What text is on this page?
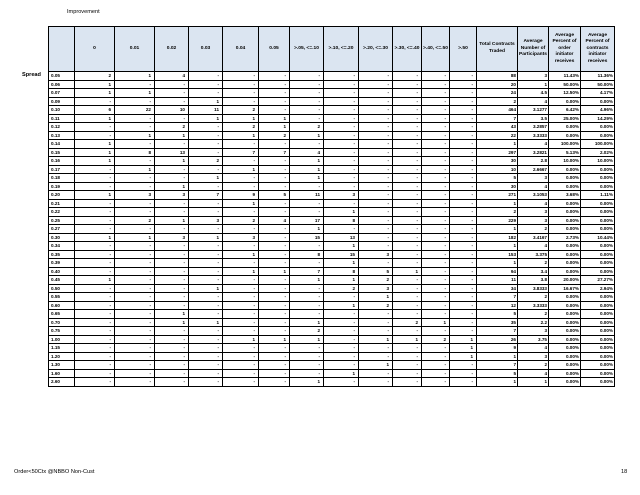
Improvement
Spread
	0	0.01	0.02	0.03	0.04	0.05	>.05, <=.10	>.10, <=.20	>.20, <=.30	>.30, <=.40	>.40, <=.50	>.50	Total Contracts Traded	Average Number of Participants	Average Percent of order initiator receives	Average Percent of contracts initiator receives
0.05	2	1	4	-	-	-	-	-	-	-	-	-	88	3	11.43%	11.36%
0.06	1	-	-	-	-	-	-	-	-	-	-	-	20	1	50.00%	50.00%
0.07	1	1	-	-	-	-	-	-	-	-	-	-	24	4.5	12.50%	4.17%
0.09	-	-	-	1	-	-	-	-	-	-	-	-	2	4	0.00%	0.00%
0.10	6	22	10	11	2	-	-	-	-	-	-	-	464	3.1277	6.42%	4.96%
0.11	1	-	-	1	1	1	-	-	-	-	-	-	7	3.5	25.00%	14.29%
0.12	-	-	2	-	2	1	2	-	-	-	-	-	43	3.2857	0.00%	0.00%
0.13	-	1	1	-	1	2	1	-	-	-	-	-	22	3.3333	0.00%	0.00%
0.14	1	-	-	-	-	-	-	-	-	-	-	-	1	4	100.00%	100.00%
0.15	1	8	13	-	7	7	4	-	-	-	-	-	297	3.2821	5.13%	2.02%
0.16	1	-	1	2	-	-	1	-	-	-	-	-	30	2.8	10.00%	10.00%
0.17	-	1	-	-	1	-	1	-	-	-	-	-	10	2.6667	0.00%	0.00%
0.18	-	-	-	1	-	-	1	-	-	-	-	-	5	3	0.00%	0.00%
0.19	-	-	1	-	-	-	-	-	-	-	-	-	30	4	0.00%	0.00%
0.20	1	3	3	7	9	5	11	3	-	-	-	-	271	3.1053	3.68%	1.11%
0.21	-	-	-	-	1	-	-	-	-	-	-	-	1	4	0.00%	0.00%
0.22	-	-	-	-	-	-	-	1	-	-	-	-	2	3	0.00%	0.00%
0.25	-	2	1	3	2	4	17	8	-	-	-	-	229	3	0.00%	0.00%
0.27	-	-	-	-	-	-	1	-	-	-	-	-	1	2	0.00%	0.00%
0.30	1	1	3	1	3	-	15	13	-	-	-	-	182	3.4167	2.73%	10.44%
0.34	-	-	-	-	-	-	-	1	-	-	-	-	1	4	0.00%	0.00%
0.35	-	-	-	-	1	-	8	15	3	-	-	-	153	3.375	0.00%	0.00%
0.39	-	-	-	-	-	-	-	1	-	-	-	-	1	2	0.00%	0.00%
0.40	-	-	-	-	1	1	7	8	5	1	-	-	94	3.4	0.00%	0.00%
0.45	1	-	-	-	-	-	1	1	2	-	-	-	11	3.8	20.00%	27.27%
0.50	-	-	-	1	-	-	-	2	3	-	-	-	34	3.8333	16.67%	2.94%
0.55	-	-	-	-	-	-	-	-	1	-	-	-	7	2	0.00%	0.00%
0.60	-	-	-	-	-	-	-	1	2	-	-	-	12	3.3333	0.00%	0.00%
0.65	-	-	1	-	-	-	-	-	-	-	-	-	5	2	0.00%	0.00%
0.70	-	-	1	1	-	-	1	-	-	2	1	-	35	2.2	0.00%	0.00%
0.75	-	-	-	-	-	-	2	-	-	-	-	-	7	3	0.00%	0.00%
1.00	-	-	-	-	1	1	1	-	1	1	2	1	26	3.75	0.00%	0.00%
1.15	-	-	-	-	-	-	-	-	-	-	-	1	9	4	0.00%	0.00%
1.20	-	-	-	-	-	-	-	-	-	-	-	1	1	3	0.00%	0.00%
1.30	-	-	-	-	-	-	-	-	1	-	-	-	7	2	0.00%	0.00%
1.60	-	-	-	-	-	-	-	1	-	-	-	-	5	4	0.00%	0.00%
2.60	-	-	-	-	-	-	1	-	-	-	-	-	1	1	0.00%	0.00%
Order<50Ctx @NBBO Non-Cust	18
